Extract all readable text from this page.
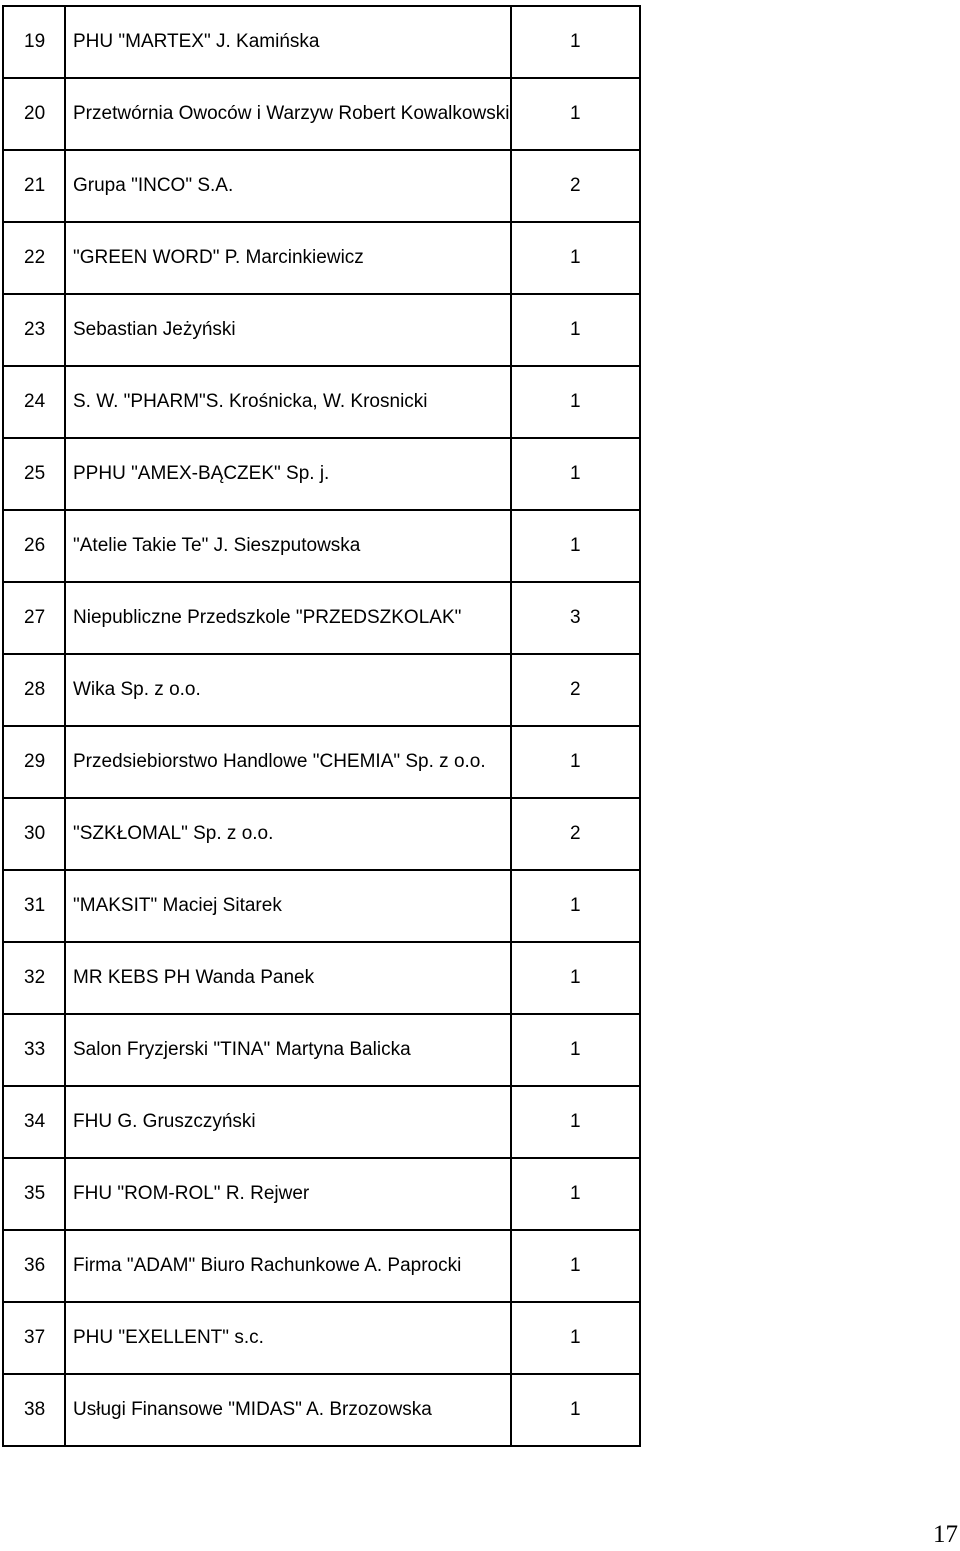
19	PHU "MARTEX" J. Kamińska	1
20	Przetwórnia Owoców i Warzyw Robert Kowalkowski	1
21	Grupa "INCO" S.A.	2
22	"GREEN WORD" P. Marcinkiewicz	1
23	Sebastian Jeżyński	1
24	S. W. "PHARM"S. Krośnicka, W. Krosnicki	1
25	PPHU "AMEX-BĄCZEK" Sp. j.	1
26	"Atelie Takie Te" J. Sieszputowska	1
27	Niepubliczne Przedszkole "PRZEDSZKOLAK"	3
28	Wika Sp. z o.o.	2
29	Przedsiebiorstwo Handlowe "CHEMIA" Sp. z o.o.	1
30	"SZKŁOMAL" Sp. z o.o.	2
31	"MAKSIT" Maciej Sitarek	1
32	MR KEBS PH Wanda Panek	1
33	Salon Fryzjerski "TINA" Martyna Balicka	1
34	FHU G. Gruszczyński	1
35	FHU "ROM-ROL" R. Rejwer	1
36	Firma "ADAM" Biuro Rachunkowe A. Paprocki	1
37	PHU "EXELLENT" s.c.	1
38	Usługi Finansowe "MIDAS" A. Brzozowska	1
17
